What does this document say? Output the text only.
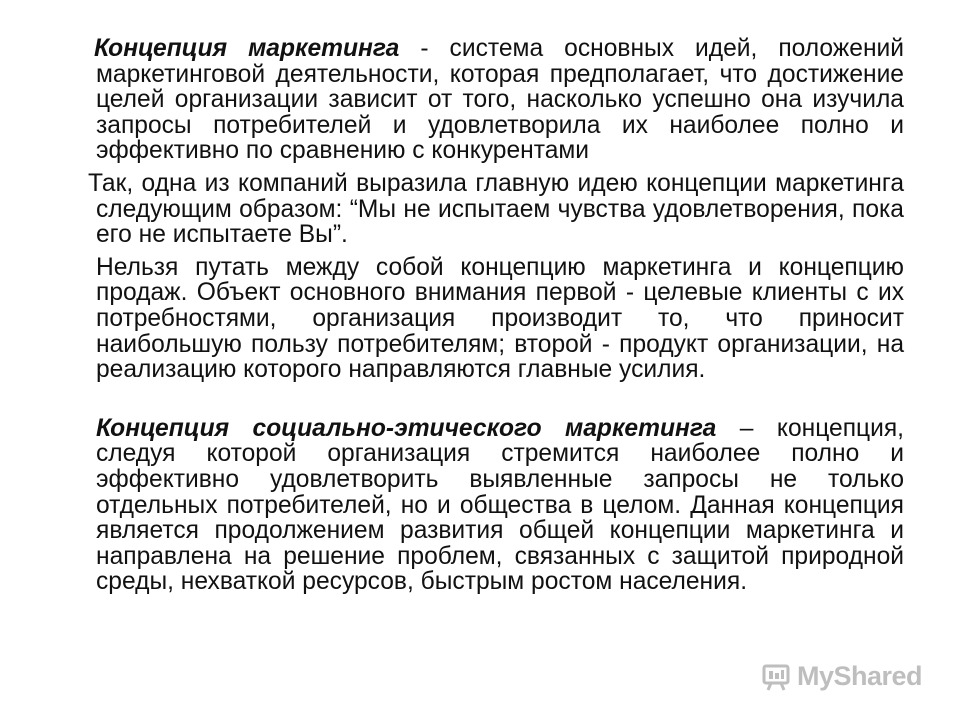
Концепция маркетинга - система основных идей, положений маркетинговой деятельности, которая предполагает, что достижение целей организации зависит от того, насколько успешно она изучила запросы потребителей и удовлетворила их наиболее полно и эффективно по сравнению с конкурентами

Так, одна из компаний выразила главную идею концепции маркетинга следующим образом: “Мы не испытаем чувства удовлетворения, пока его не испытаете Вы”.

Нельзя путать между собой концепцию маркетинга и концепцию продаж. Объект основного внимания первой - целевые клиенты с их потребностями, организация производит то, что приносит наибольшую пользу потребителям; второй - продукт организации, на реализацию которого направляются главные усилия.

Концепция социально-этического маркетинга – концепция, следуя которой организация стремится наиболее полно и эффективно удовлетворить выявленные запросы не только отдельных потребителей, но и общества в целом. Данная концепция является продолжением развития общей концепции маркетинга и направлена на решение проблем, связанных с защитой природной среды, нехваткой ресурсов, быстрым ростом населения.

MyShared
